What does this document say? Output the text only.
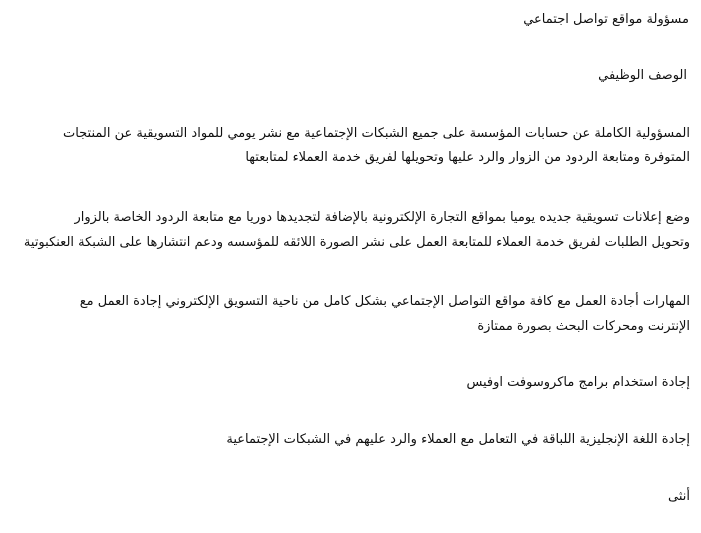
مسؤولة مواقع تواصل اجتماعي

الوصف الوظيفي

المسؤولية الكاملة عن حسابات المؤسسة على جميع الشبكات الإجتماعية مع نشر يومي للمواد التسويقية عن المنتجات

المتوفرة ومتابعة الردود من الزوار والرد عليها وتحويلها لفريق خدمة العملاء لمتابعتها

وضع إعلانات تسويقية جديده يوميا بمواقع التجارة الإلكترونية بالإضافة لتجديدها دوريا مع متابعة الردود الخاصة بالزوار

وتحويل الطلبات لفريق خدمة العملاء للمتابعة العمل على نشر الصورة اللائقه للمؤسسه ودعم انتشارها على الشبكة العنكبوتية

المهارات أجادة العمل مع كافة مواقع التواصل الإجتماعي بشكل كامل من ناحية التسويق الإلكتروني إجادة العمل مع

الإنترنت ومحركات البحث بصورة ممتازة

إجادة استخدام برامج ماكروسوفت اوفيس

إجادة اللغة الإنجليزية اللباقة في التعامل مع العملاء والرد عليهم في الشبكات الإجتماعية

أنثى
